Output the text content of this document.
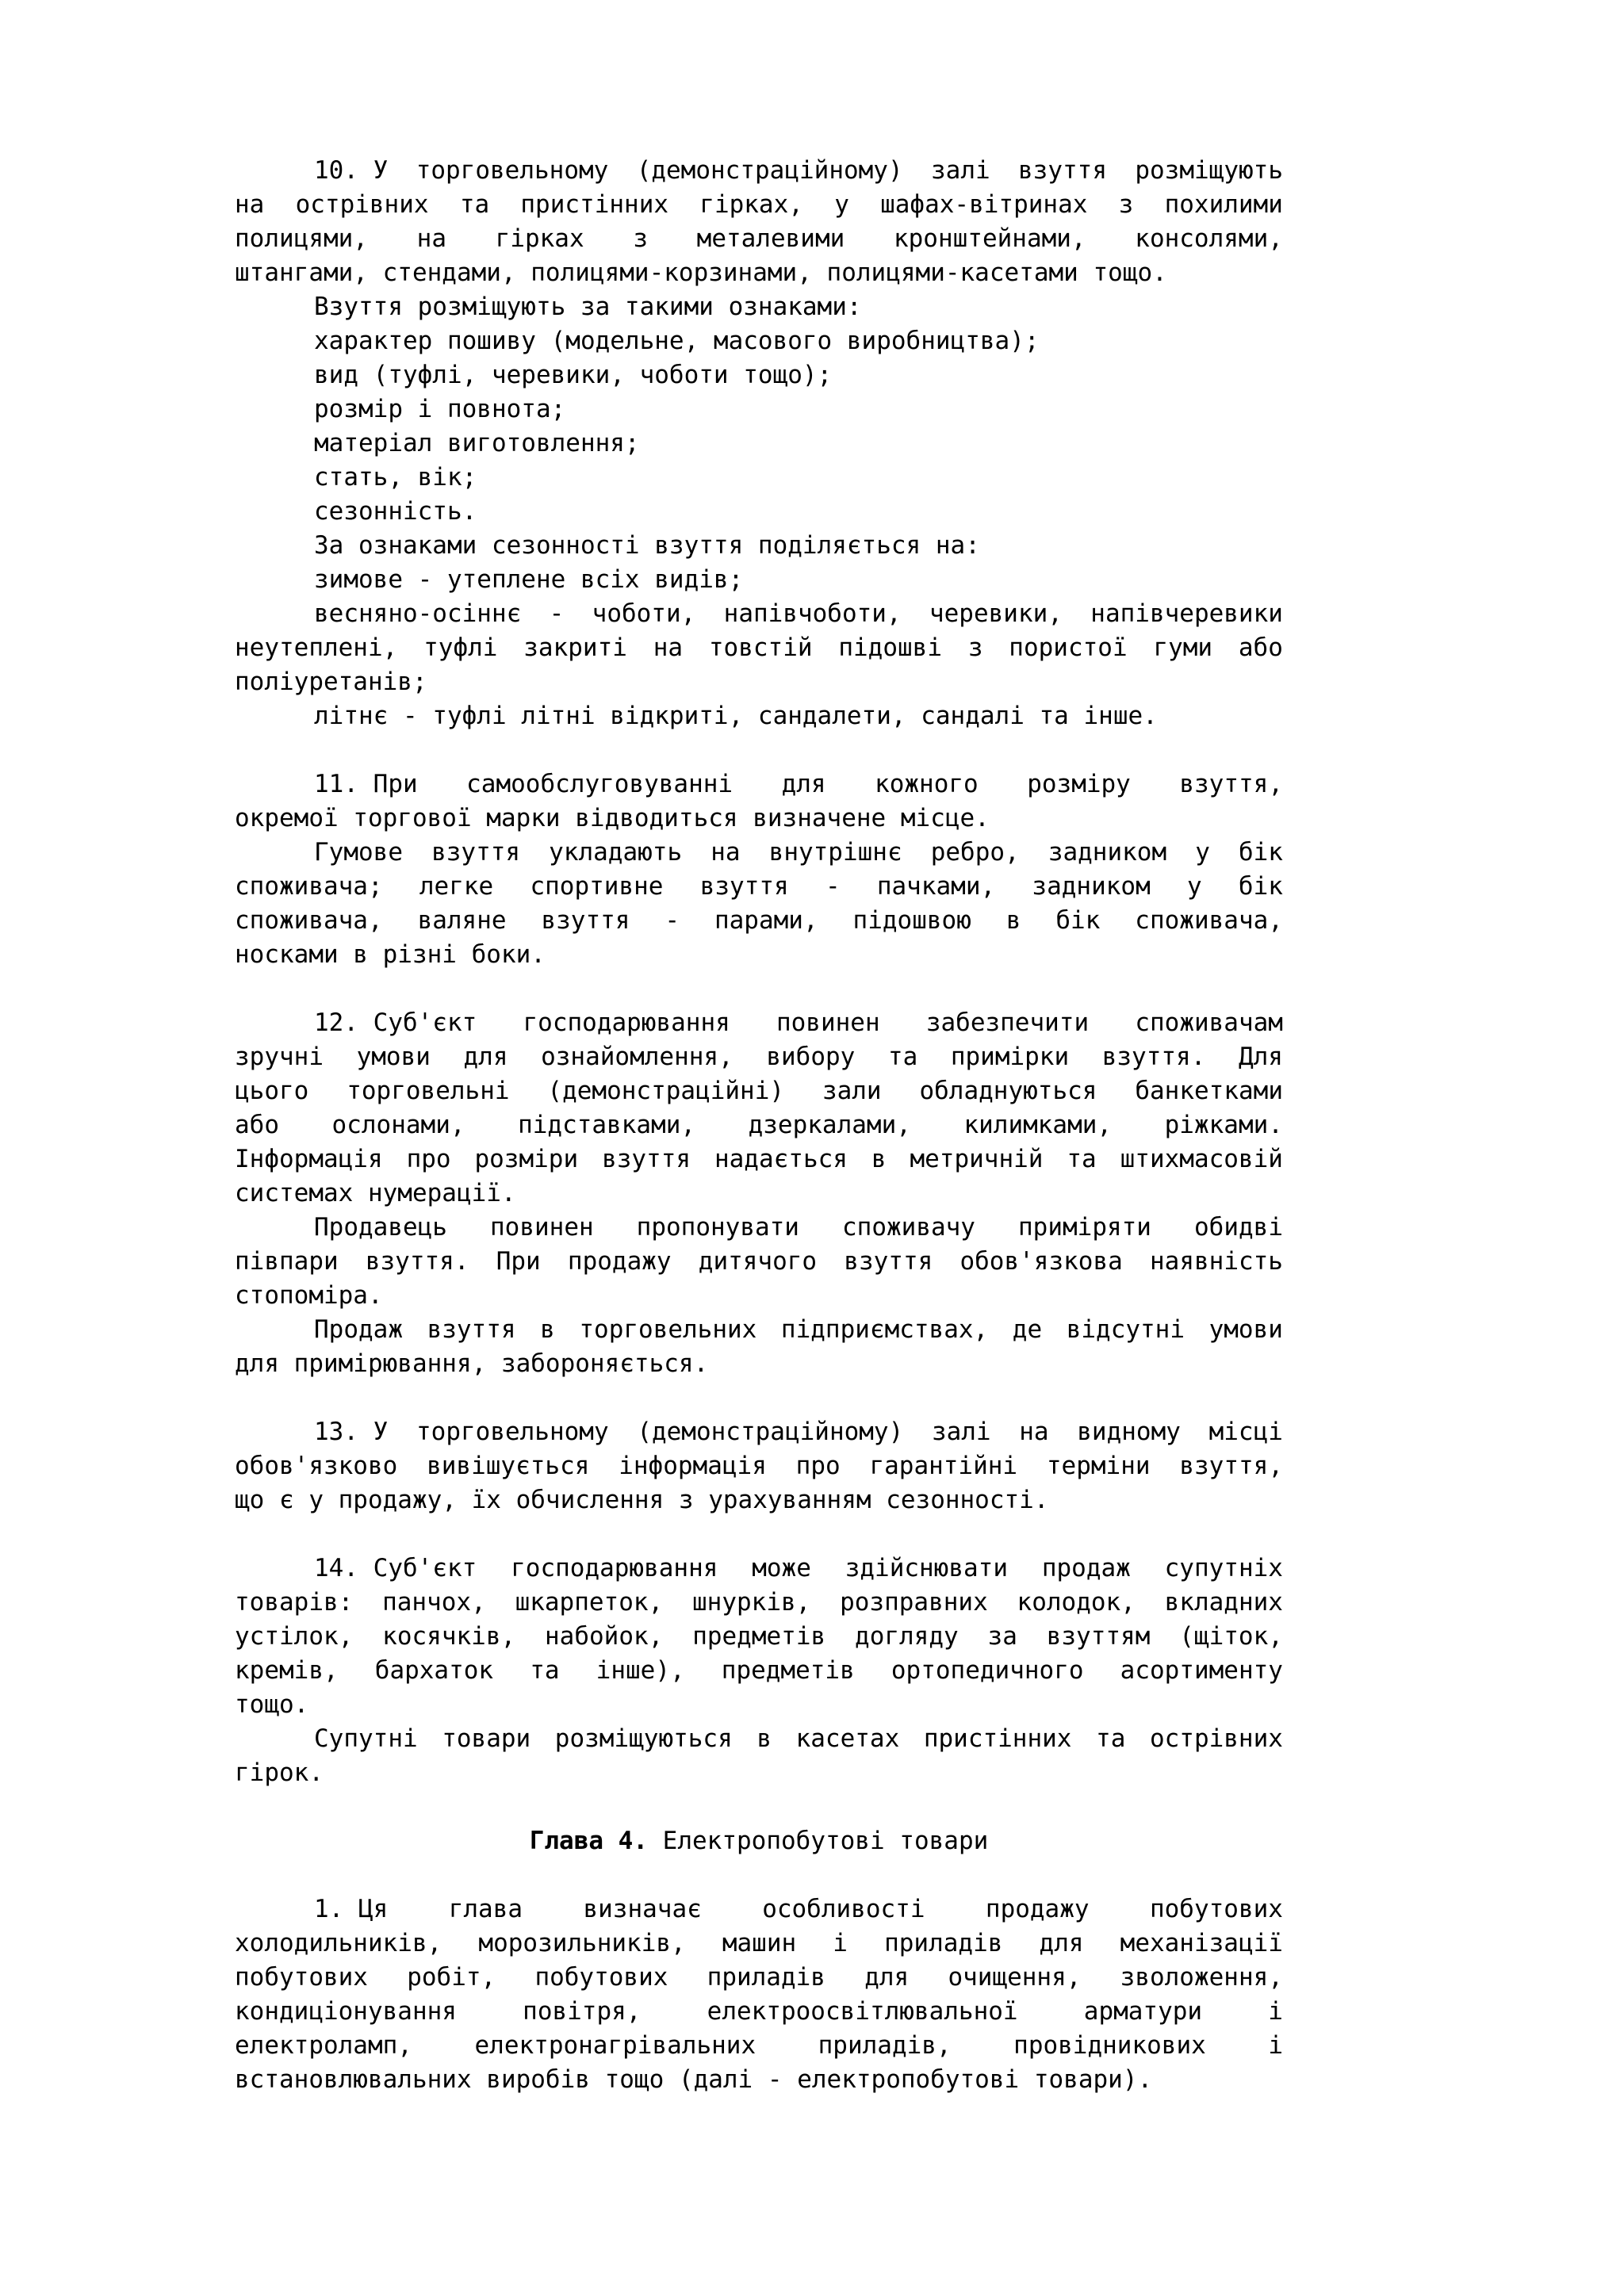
10. У торговельному (демонстраційному) залі взуття розміщують
на острівних та пристінних гірках, у шафах-вітринах з похилими
полицями, на гірках з металевими кронштейнами, консолями,
штангами, стендами, полицями-корзинами, полицями-касетами тощо.
Взуття розміщують за такими ознаками:
характер пошиву (модельне, масового виробництва);
вид (туфлі, черевики, чоботи тощо);
розмір і повнота;
матеріал виготовлення;
стать, вік;
сезонність.
За ознаками сезонності взуття поділяється на:
зимове - утеплене всіх видів;
весняно-осіннє - чоботи, напівчоботи, черевики, напівчеревики
неутеплені, туфлі закриті на товстій підошві з пористої гуми або
поліуретанів;
літнє - туфлі літні відкриті, сандалети, сандалі та інше.
11. При самообслуговуванні для кожного розміру взуття,
окремої торгової марки відводиться визначене місце.
Гумове взуття укладають на внутрішнє ребро, задником у бік
споживача; легке спортивне взуття - пачками, задником у бік
споживача, валяне взуття - парами, підошвою в бік споживача,
носками в різні боки.
12. Суб'єкт господарювання повинен забезпечити споживачам
зручні умови для ознайомлення, вибору та примірки взуття. Для
цього торговельні (демонстраційні) зали обладнуються банкетками
або ослонами, підставками, дзеркалами, килимками, ріжками.
Інформація про розміри взуття надається в метричній та штихмасовій
системах нумерації.
Продавець повинен пропонувати споживачу приміряти обидві
півпари взуття. При продажу дитячого взуття обов'язкова наявність
стопоміра.
Продаж взуття в торговельних підприємствах, де відсутні умови
для примірювання, забороняється.
13. У торговельному (демонстраційному) залі на видному місці
обов'язково вивішується інформація про гарантійні терміни взуття,
що є у продажу, їх обчислення з урахуванням сезонності.
14. Суб'єкт господарювання може здійснювати продаж супутніх
товарів: панчох, шкарпеток, шнурків, розправних колодок, вкладних
устілок, косячків, набойок, предметів догляду за взуттям (щіток,
кремів, бархаток та інше), предметів ортопедичного асортименту
тощо.
Супутні товари розміщуються в касетах пристінних та острівних
гірок.
Глава 4. Електропобутові товари
1. Ця глава визначає особливості продажу побутових
холодильників, морозильників, машин і приладів для механізації
побутових робіт, побутових приладів для очищення, зволоження,
кондиціонування	повітря,	електроосвітлювальної	арматури	і
електроламп,	електронагрівальних	приладів,	провідникових	і
встановлювальних виробів тощо (далі - електропобутові товари).
